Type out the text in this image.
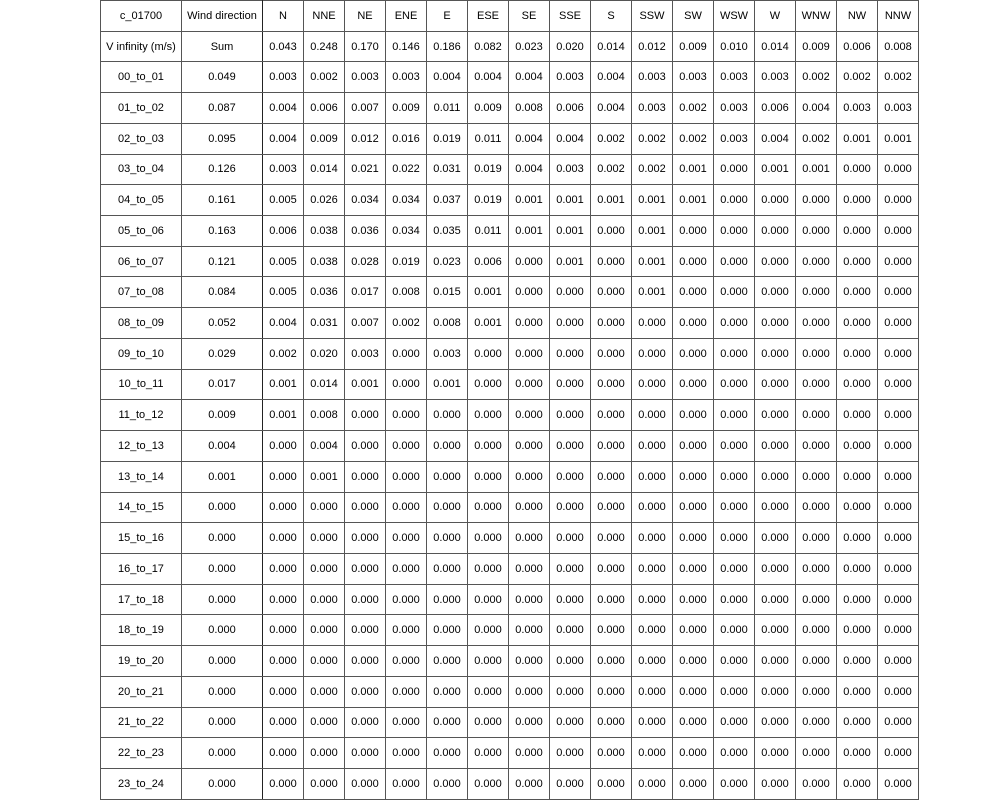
c_01700	Wind direction	N	NNE	NE	ENE	E	ESE	SE	SSE	S	SSW	SW	WSW	W	WNW	NW	NNW
V infinity (m/s)	Sum	0.043	0.248	0.170	0.146	0.186	0.082	0.023	0.020	0.014	0.012	0.009	0.010	0.014	0.009	0.006	0.008
00_to_01	0.049	0.003	0.002	0.003	0.003	0.004	0.004	0.004	0.003	0.004	0.003	0.003	0.003	0.003	0.002	0.002	0.002
01_to_02	0.087	0.004	0.006	0.007	0.009	0.011	0.009	0.008	0.006	0.004	0.003	0.002	0.003	0.006	0.004	0.003	0.003
02_to_03	0.095	0.004	0.009	0.012	0.016	0.019	0.011	0.004	0.004	0.002	0.002	0.002	0.003	0.004	0.002	0.001	0.001
03_to_04	0.126	0.003	0.014	0.021	0.022	0.031	0.019	0.004	0.003	0.002	0.002	0.001	0.000	0.001	0.001	0.000	0.000
04_to_05	0.161	0.005	0.026	0.034	0.034	0.037	0.019	0.001	0.001	0.001	0.001	0.001	0.000	0.000	0.000	0.000	0.000
05_to_06	0.163	0.006	0.038	0.036	0.034	0.035	0.011	0.001	0.001	0.000	0.001	0.000	0.000	0.000	0.000	0.000	0.000
06_to_07	0.121	0.005	0.038	0.028	0.019	0.023	0.006	0.000	0.001	0.000	0.001	0.000	0.000	0.000	0.000	0.000	0.000
07_to_08	0.084	0.005	0.036	0.017	0.008	0.015	0.001	0.000	0.000	0.000	0.001	0.000	0.000	0.000	0.000	0.000	0.000
08_to_09	0.052	0.004	0.031	0.007	0.002	0.008	0.001	0.000	0.000	0.000	0.000	0.000	0.000	0.000	0.000	0.000	0.000
09_to_10	0.029	0.002	0.020	0.003	0.000	0.003	0.000	0.000	0.000	0.000	0.000	0.000	0.000	0.000	0.000	0.000	0.000
10_to_11	0.017	0.001	0.014	0.001	0.000	0.001	0.000	0.000	0.000	0.000	0.000	0.000	0.000	0.000	0.000	0.000	0.000
11_to_12	0.009	0.001	0.008	0.000	0.000	0.000	0.000	0.000	0.000	0.000	0.000	0.000	0.000	0.000	0.000	0.000	0.000
12_to_13	0.004	0.000	0.004	0.000	0.000	0.000	0.000	0.000	0.000	0.000	0.000	0.000	0.000	0.000	0.000	0.000	0.000
13_to_14	0.001	0.000	0.001	0.000	0.000	0.000	0.000	0.000	0.000	0.000	0.000	0.000	0.000	0.000	0.000	0.000	0.000
14_to_15	0.000	0.000	0.000	0.000	0.000	0.000	0.000	0.000	0.000	0.000	0.000	0.000	0.000	0.000	0.000	0.000	0.000
15_to_16	0.000	0.000	0.000	0.000	0.000	0.000	0.000	0.000	0.000	0.000	0.000	0.000	0.000	0.000	0.000	0.000	0.000
16_to_17	0.000	0.000	0.000	0.000	0.000	0.000	0.000	0.000	0.000	0.000	0.000	0.000	0.000	0.000	0.000	0.000	0.000
17_to_18	0.000	0.000	0.000	0.000	0.000	0.000	0.000	0.000	0.000	0.000	0.000	0.000	0.000	0.000	0.000	0.000	0.000
18_to_19	0.000	0.000	0.000	0.000	0.000	0.000	0.000	0.000	0.000	0.000	0.000	0.000	0.000	0.000	0.000	0.000	0.000
19_to_20	0.000	0.000	0.000	0.000	0.000	0.000	0.000	0.000	0.000	0.000	0.000	0.000	0.000	0.000	0.000	0.000	0.000
20_to_21	0.000	0.000	0.000	0.000	0.000	0.000	0.000	0.000	0.000	0.000	0.000	0.000	0.000	0.000	0.000	0.000	0.000
21_to_22	0.000	0.000	0.000	0.000	0.000	0.000	0.000	0.000	0.000	0.000	0.000	0.000	0.000	0.000	0.000	0.000	0.000
22_to_23	0.000	0.000	0.000	0.000	0.000	0.000	0.000	0.000	0.000	0.000	0.000	0.000	0.000	0.000	0.000	0.000	0.000
23_to_24	0.000	0.000	0.000	0.000	0.000	0.000	0.000	0.000	0.000	0.000	0.000	0.000	0.000	0.000	0.000	0.000	0.000
